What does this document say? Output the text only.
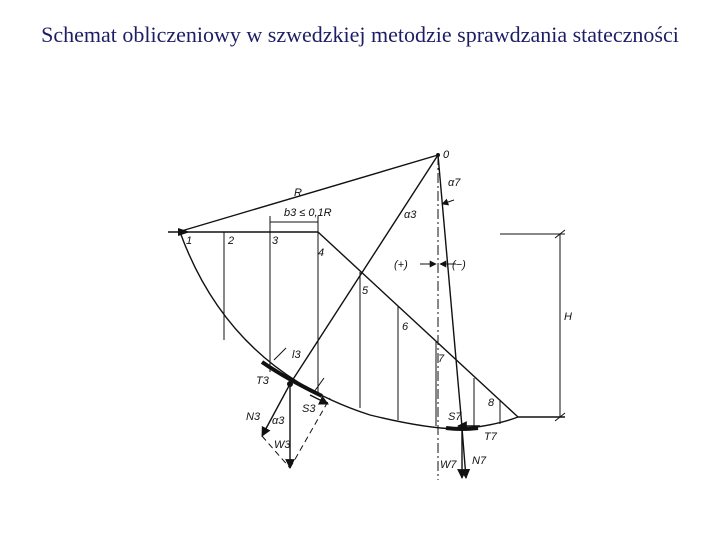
Schemat obliczeniowy w szwedzkiej metodzie sprawdzania stateczności
0
α7
R
b3 ≤ 0,1R	α3
(+)	(−)
H
1	2	3
4
5
6
7
8
l3
T3
S3
α3
N3
W3
S7
T7
W7 N7
